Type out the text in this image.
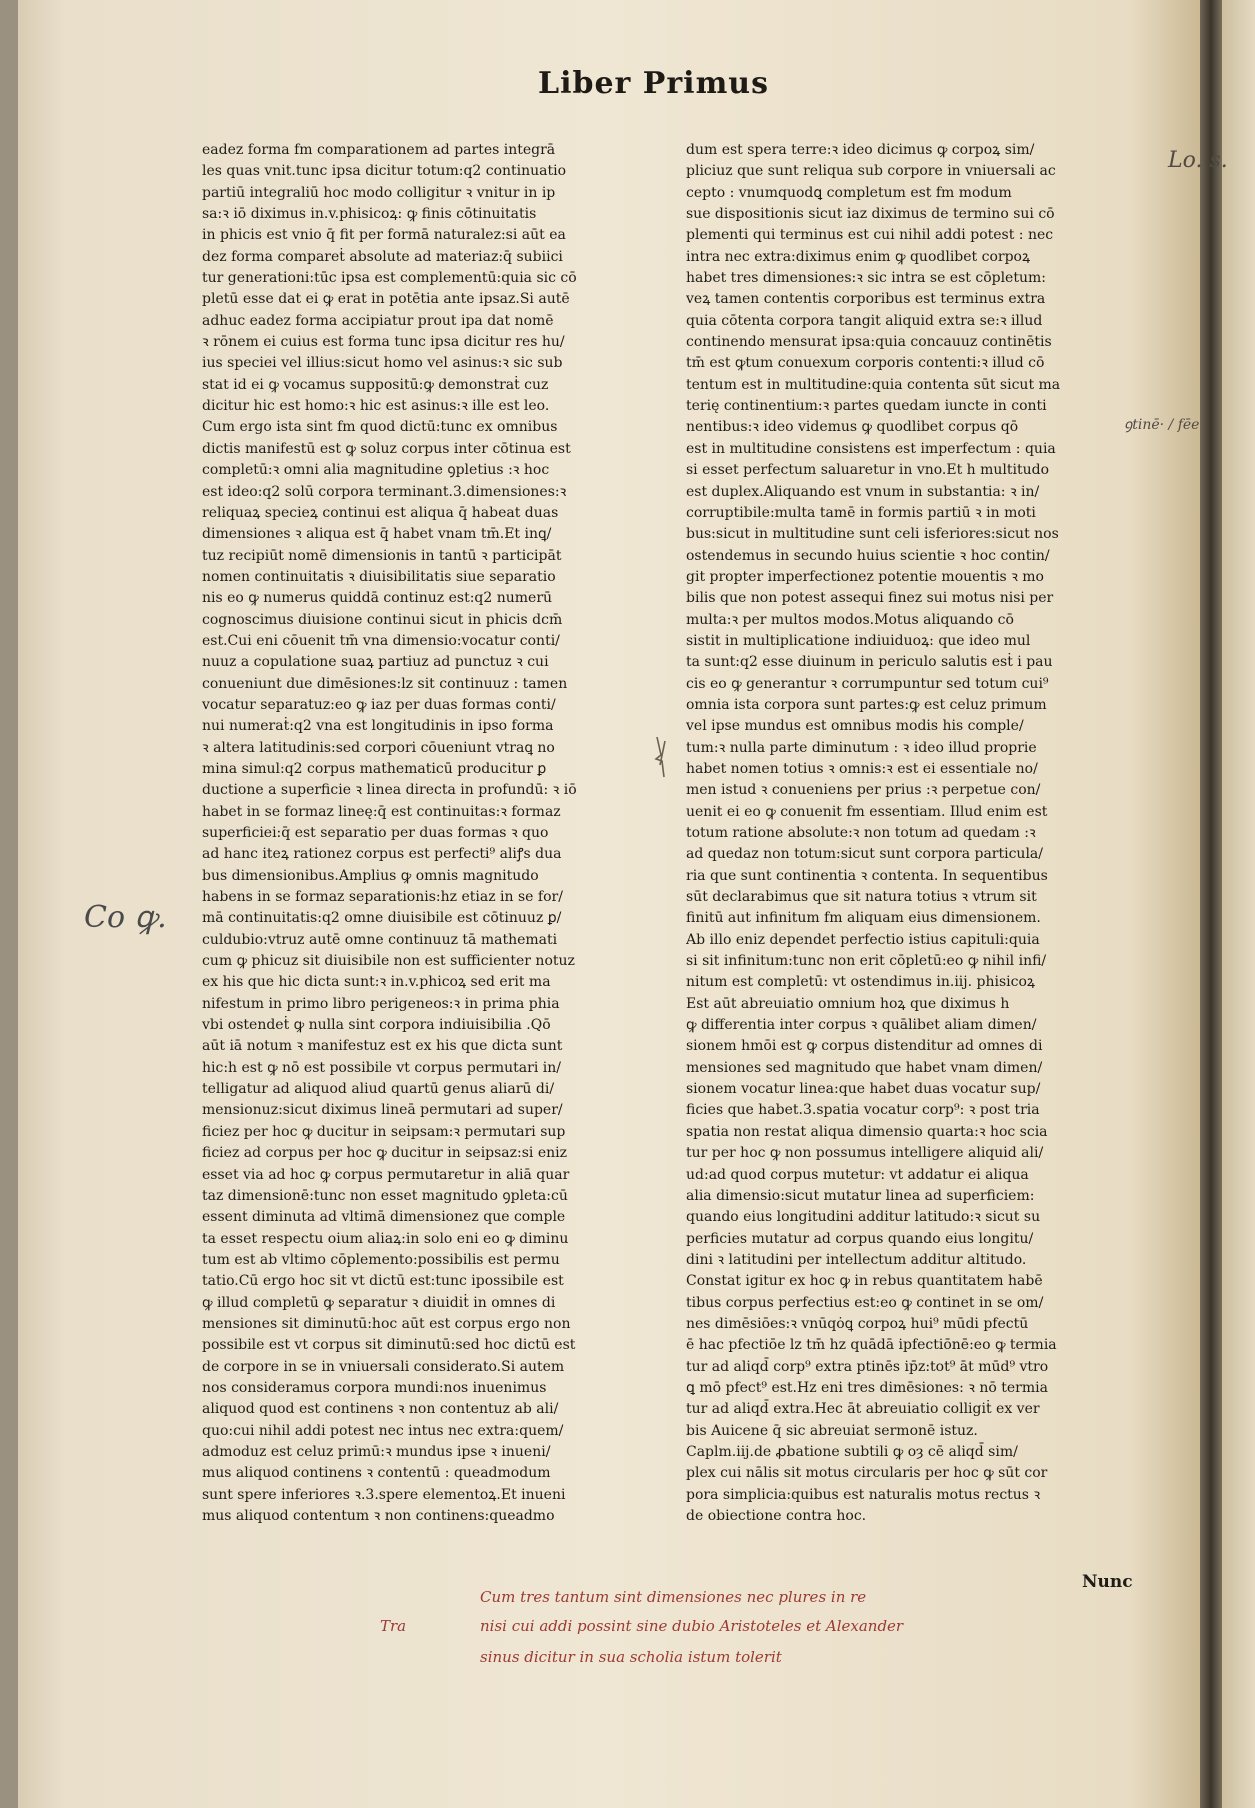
Liber Primus
eadez forma fm comparationem ad partes integrā
les quas vnit.tunc ipsa dicitur totum:q2 continuatio
partiū integraliū hoc modo colligitur ꝛ vnitur in ip
sa:ꝛ iō diximus in.v.phisicoꝝ: ꝙ finis cōtinuitatis
in phicis est vnio q̄ fit per formā naturalez:si aūt ea
dez forma compareṫ absolute ad materiaz:q̄ subiici
tur generationi:tūc ipsa est complementū:quia sic cō
pletū esse dat ei ꝙ erat in potētia ante ipsaz.Si autē
adhuc eadez forma accipiatur prout ipa dat nomē
ꝛ rōnem ei cuius est forma tunc ipsa dicitur res hu/
ius speciei vel illius:sicut homo vel asinus:ꝛ sic sub
stat id ei ꝙ vocamus suppositū:ꝙ demonstraṫ cuz
dicitur hic est homo:ꝛ hic est asinus:ꝛ ille est leo.
Cum ergo ista sint fm quod dictū:tunc ex omnibus
dictis manifestū est ꝙ soluz corpus inter cōtinua est
completū:ꝛ omni alia magnitudine ꝯpletius :ꝛ hoc
est ideo:q2 solū corpora terminant.3.dimensiones:ꝛ
reliquaꝝ specieꝝ continui est aliqua q̄ habeat duas
dimensiones ꝛ aliqua est q̄ habet vnam tm̄.Et inꝗ/
tuz recipiūt nomē dimensionis in tantū ꝛ participāt
nomen continuitatis ꝛ diuisibilitatis siue separatio
nis eo ꝙ numerus quiddā continuz est:q2 numerū
cognoscimus diuisione continui sicut in phicis dcm̄
est.Cui eni cōuenit tm̄ vna dimensio:vocatur conti/
nuuz a copulatione suaꝝ partiuz ad punctuz ꝛ cui
conueniunt due dimēsiones:lz sit continuuz : tamen
vocatur separatuz:eo ꝙ iaz per duas formas conti/
nui numeraṫ:q2 vna est longitudinis in ipso forma
ꝛ altera latitudinis:sed corpori cōueniunt vtraꝗ no
mina simul:q2 corpus mathematicū producitur ꝑ
ductione a superficie ꝛ linea directa in profundū: ꝛ iō
habet in se formaz lineę:q̄ est continuitas:ꝛ formaz
superficiei:q̄ est separatio per duas formas ꝛ quo
ad hanc iteꝝ rationez corpus est perfecti⁹ aliꝭs dua
bus dimensionibus.Amplius ꝙ omnis magnitudo
habens in se formaz separationis:hz etiaz in se for/
mā continuitatis:q2 omne diuisibile est cōtinuuz ꝑ/
culdubio:vtruz autē omne continuuz tā mathemati
cum ꝙ phicuz sit diuisibile non est sufficienter notuz
ex his que hic dicta sunt:ꝛ in.v.phicoꝝ sed erit ma
nifestum in primo libro perigeneos:ꝛ in prima phia
vbi ostendeṫ ꝙ nulla sint corpora indiuisibilia .Qō
aūt iā notum ꝛ manifestuz est ex his que dicta sunt
hic:h est ꝙ nō est possibile vt corpus permutari in/
telligatur ad aliquod aliud quartū genus aliarū di/
mensionuz:sicut diximus lineā permutari ad super/
ficiez per hoc ꝙ ducitur in seipsam:ꝛ permutari sup
ficiez ad corpus per hoc ꝙ ducitur in seipsaz:si eniz
esset via ad hoc ꝙ corpus permutaretur in aliā quar
taz dimensionē:tunc non esset magnitudo ꝯpleta:cū
essent diminuta ad vltimā dimensionez que comple
ta esset respectu oium aliaꝝ:in solo eni eo ꝙ diminu
tum est ab vltimo cōplemento:possibilis est permu
tatio.Cū ergo hoc sit vt dictū est:tunc ipossibile est
ꝙ illud completū ꝙ separatur ꝛ diuidiṫ in omnes di
mensiones sit diminutū:hoc aūt est corpus ergo non
possibile est vt corpus sit diminutū:sed hoc dictū est
de corpore in se in vniuersali considerato.Si autem
nos consideramus corpora mundi:nos inuenimus
aliquod quod est continens ꝛ non contentuz ab ali/
quo:cui nihil addi potest nec intus nec extra:quem/
admoduz est celuz primū:ꝛ mundus ipse ꝛ inueni/
mus aliquod continens ꝛ contentū : queadmodum
sunt spere inferiores ꝛ.3.spere elementoꝝ.Et inueni
mus aliquod contentum ꝛ non continens:queadmo
dum est spera terre:ꝛ ideo dicimus ꝙ corpoꝝ sim/
pliciuz que sunt reliqua sub corpore in vniuersali ac
cepto : vnumquodꝗ completum est fm modum
sue dispositionis sicut iaz diximus de termino sui cō
plementi qui terminus est cui nihil addi potest : nec
intra nec extra:diximus enim ꝙ quodlibet corpoꝝ
habet tres dimensiones:ꝛ sic intra se est cōpletum:
veꝝ tamen contentis corporibus est terminus extra
quia cōtenta corpora tangit aliquid extra se:ꝛ illud
continendo mensurat ipsa:quia concauuz continētis
tm̄ est ꝙtum conuexum corporis contenti:ꝛ illud cō
tentum est in multitudine:quia contenta sūt sicut ma
terię continentium:ꝛ partes quedam iuncte in conti
nentibus:ꝛ ideo videmus ꝙ quodlibet corpus qō
est in multitudine consistens est imperfectum : quia
si esset perfectum saluaretur in vno.Et h multitudo
est duplex.Aliquando est vnum in substantia: ꝛ in/
corruptibile:multa tamē in formis partiū ꝛ in moti
bus:sicut in multitudine sunt celi isferiores:sicut nos
ostendemus in secundo huius scientie ꝛ hoc contin/
git propter imperfectionez potentie mouentis ꝛ mo
bilis que non potest assequi finez sui motus nisi per
multa:ꝛ per multos modos.Motus aliquando cō
sistit in multiplicatione indiuiduoꝝ: que ideo mul
ta sunt:q2 esse diuinum in periculo salutis esṫ i pau
cis eo ꝙ generantur ꝛ corrumpuntur sed totum cui⁹
omnia ista corpora sunt partes:ꝙ est celuz primum
vel ipse mundus est omnibus modis his comple/
tum:ꝛ nulla parte diminutum : ꝛ ideo illud proprie
habet nomen totius ꝛ omnis:ꝛ est ei essentiale no/
men istud ꝛ conueniens per prius :ꝛ perpetue con/
uenit ei eo ꝙ conuenit fm essentiam. Illud enim est
totum ratione absolute:ꝛ non totum ad quedam :ꝛ
ad quedaz non totum:sicut sunt corpora particula/
ria que sunt continentia ꝛ contenta. In sequentibus
sūt declarabimus que sit natura totius ꝛ vtrum sit
finitū aut infinitum fm aliquam eius dimensionem.
Ab illo eniz dependet perfectio istius capituli:quia
si sit infinitum:tunc non erit cōpletū:eo ꝙ nihil infi/
nitum est completū: vt ostendimus in.iij. phisicoꝝ
Est aūt abreuiatio omnium hoꝝ que diximus h
ꝙ differentia inter corpus ꝛ quālibet aliam dimen/
sionem hmōi est ꝙ corpus distenditur ad omnes di
mensiones sed magnitudo que habet vnam dimen/
sionem vocatur linea:que habet duas vocatur sup/
ficies que habet.3.spatia vocatur corp⁹: ꝛ post tria
spatia non restat aliqua dimensio quarta:ꝛ hoc scia
tur per hoc ꝙ non possumus intelligere aliquid ali/
ud:ad quod corpus mutetur: vt addatur ei aliqua
alia dimensio:sicut mutatur linea ad superficiem:
quando eius longitudini additur latitudo:ꝛ sicut su
perficies mutatur ad corpus quando eius longitu/
dini ꝛ latitudini per intellectum additur altitudo.
Constat igitur ex hoc ꝙ in rebus quantitatem habē
tibus corpus perfectius est:eo ꝙ continet in se om/
nes dimēsiōes:ꝛ vnūqȯꝗ corpoꝝ hui⁹ mūdi pfectū
ē hac pfectiōe lz tm̄ hz quādā ipfectiōnē:eo ꝙ termia
tur ad aliqd̄ corp⁹ extra ptinēs ip̄z:tot⁹ āt mūd⁹ vtro
ꝗ mō pfect⁹ est.Hz eni tres dimēsiones: ꝛ nō termia
tur ad aliqd̄ extra.Hec āt abreuiatio colligiṫ ex ver
bis Auicene q̄ sic abreuiat sermonē istuz.
Caplm.iij.de ꝓbatione subtili ꝙ oȝ cē aliqd̄ sim/
plex cui nālis sit motus circularis per hoc ꝙ sūt cor
pora simplicia:quibus est naturalis motus rectus ꝛ
de obiectione contra hoc.
Nunc
Co ꝙ.
Lo. s.
ꝯtinē· / fēe
Tra
Cum tres tantum sint dimensiones nec plures in re
nisi cui addi possint sine dubio Aristoteles et Alexander
sinus dicitur in sua scholia istum tolerit
